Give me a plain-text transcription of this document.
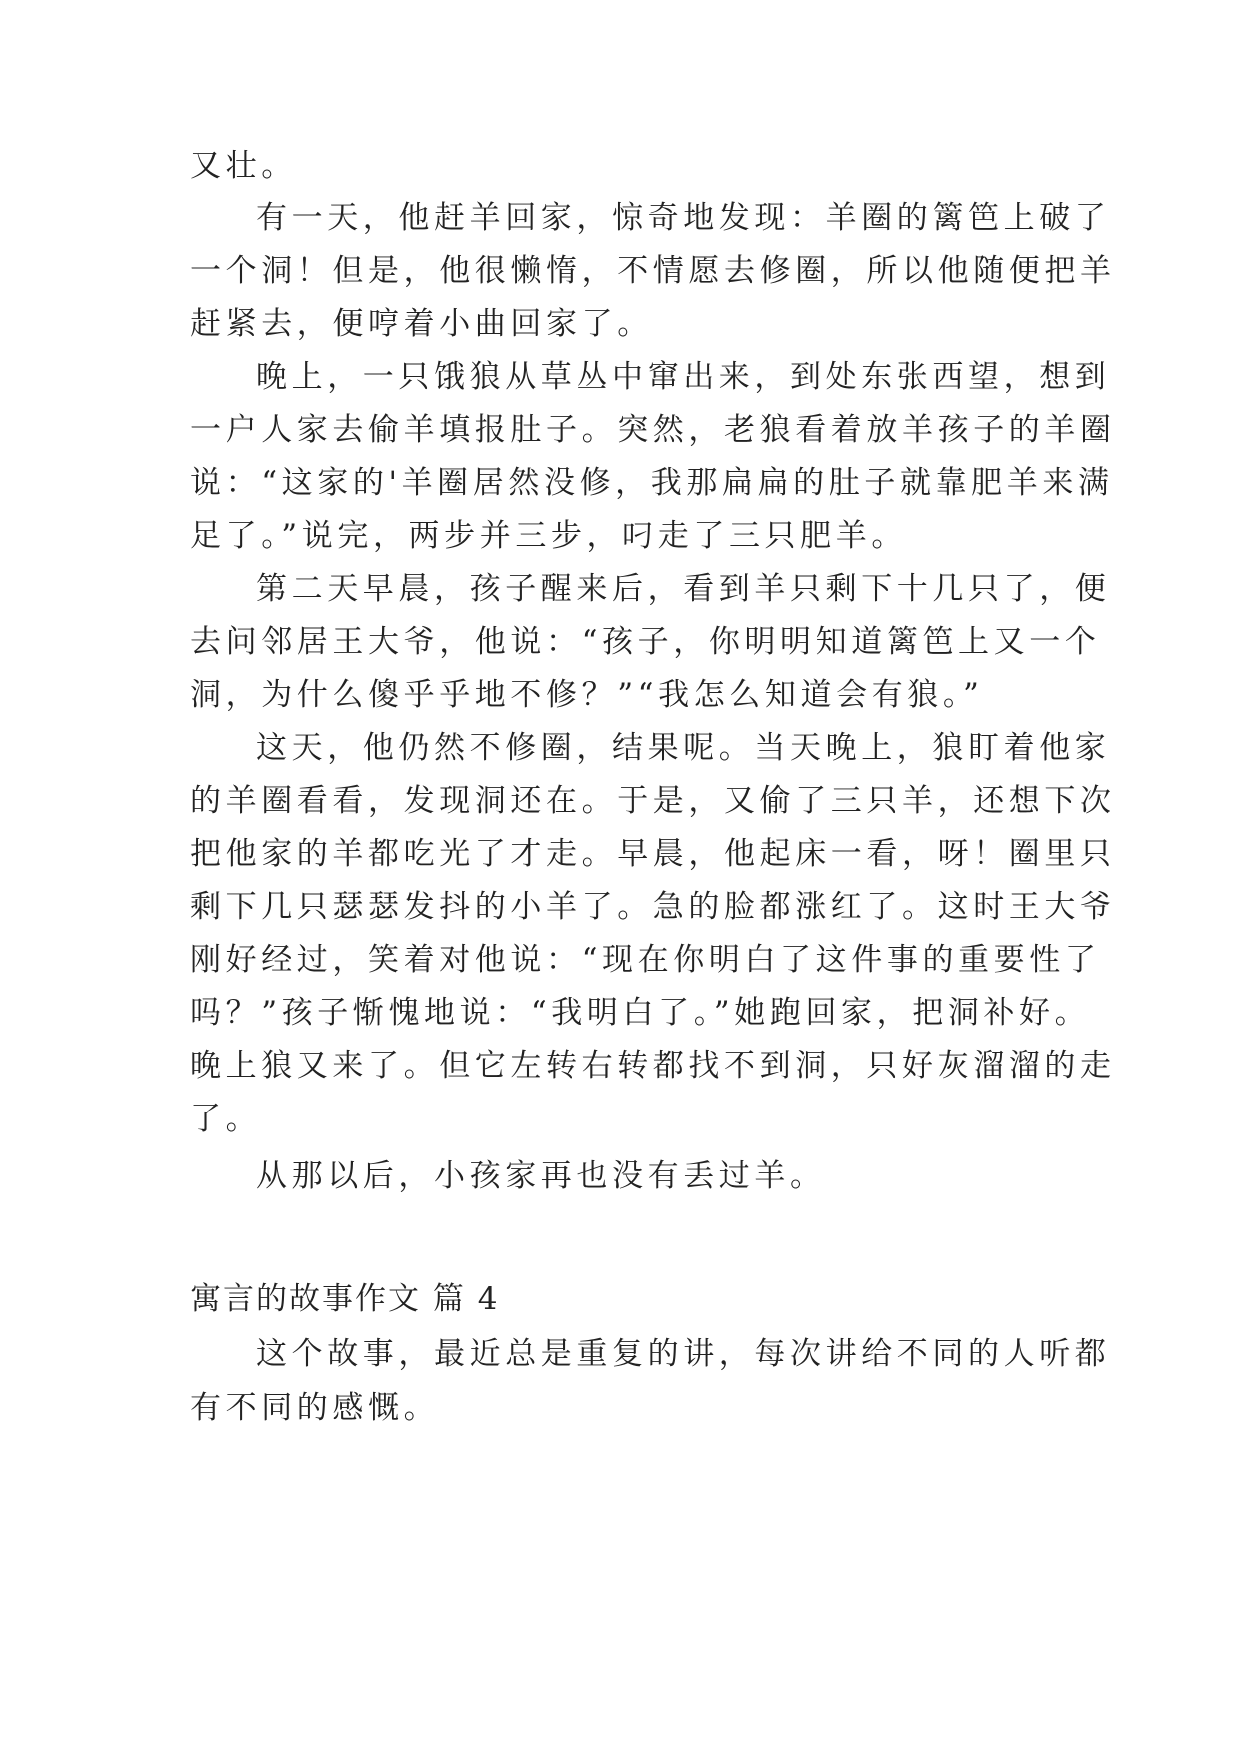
又壮。

有一天，他赶羊回家，惊奇地发现：羊圈的篱笆上破了

一个洞！但是，他很懒惰，不情愿去修圈，所以他随便把羊

赶紧去，便哼着小曲回家了。

晚上，一只饿狼从草丛中窜出来，到处东张西望，想到

一户人家去偷羊填报肚子。突然，老狼看着放羊孩子的羊圈

说：“这家的'羊圈居然没修，我那扁扁的肚子就靠肥羊来满

足了。”说完，两步并三步，叼走了三只肥羊。

第二天早晨，孩子醒来后，看到羊只剩下十几只了，便

去问邻居王大爷，他说：“孩子，你明明知道篱笆上又一个

洞，为什么傻乎乎地不修？”“我怎么知道会有狼。”

这天，他仍然不修圈，结果呢。当天晚上，狼盯着他家

的羊圈看看，发现洞还在。于是，又偷了三只羊，还想下次

把他家的羊都吃光了才走。早晨，他起床一看，呀！圈里只

剩下几只瑟瑟发抖的小羊了。急的脸都涨红了。这时王大爷

刚好经过，笑着对他说：“现在你明白了这件事的重要性了

吗？”孩子惭愧地说：“我明白了。”她跑回家，把洞补好。

晚上狼又来了。但它左转右转都找不到洞，只好灰溜溜的走

了。

从那以后，小孩家再也没有丢过羊。

寓言的故事作文 篇 4

这个故事，最近总是重复的讲，每次讲给不同的人听都

有不同的感慨。
